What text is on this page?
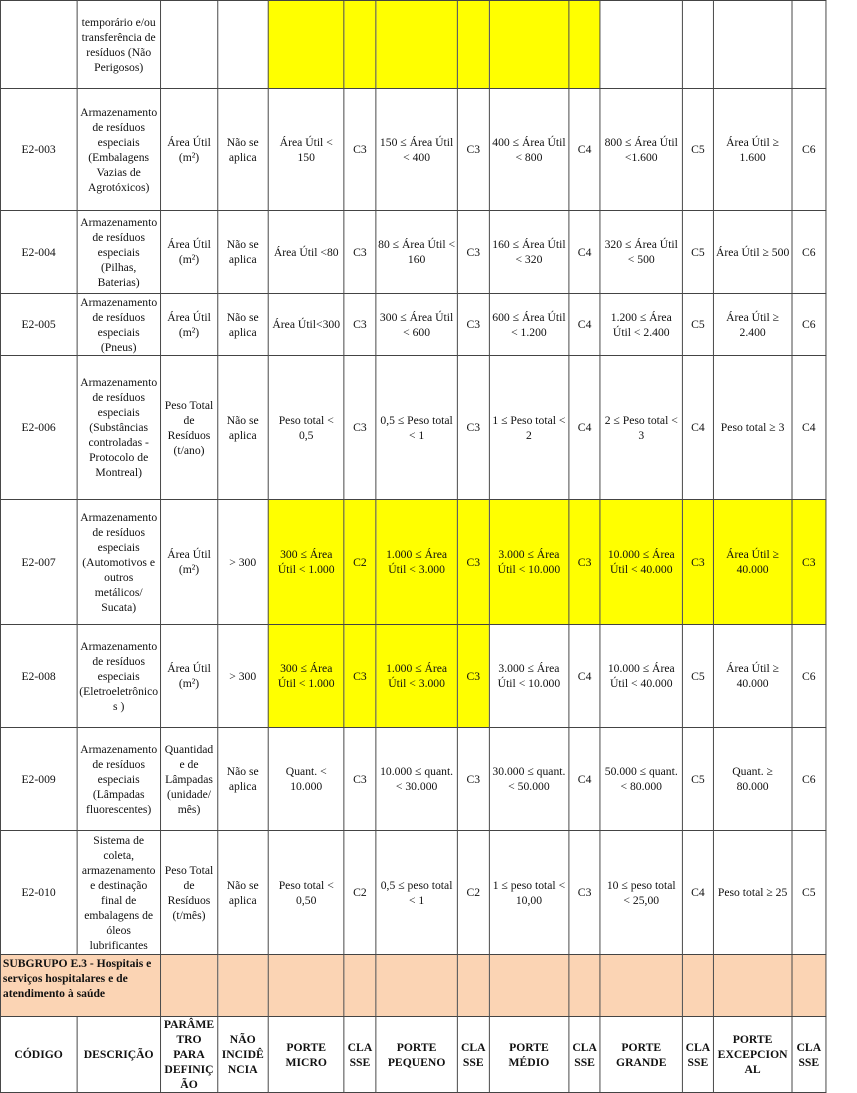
	temporário e/ou transferência de resíduos (Não Perigosos)												
E2-003	Armazenamento de resíduos especiais (Embalagens Vazias de Agrotóxicos)	Área Útil (m²)	Não se aplica	Área Útil < 150	C3	150 ≤ Área Útil < 400	C3	400 ≤ Área Útil < 800	C4	800 ≤ Área Útil <1.600	C5	Área Útil ≥ 1.600	C6
E2-004	Armazenamento de resíduos especiais (Pilhas, Baterias)	Área Útil (m²)	Não se aplica	Área Útil <80	C3	80 ≤ Área Útil < 160	C3	160 ≤ Área Útil < 320	C4	320 ≤ Área Útil < 500	C5	Área Útil ≥ 500	C6
E2-005	Armazenamento de resíduos especiais (Pneus)	Área Útil (m²)	Não se aplica	Área Útil<300	C3	300 ≤ Área Útil < 600	C3	600 ≤ Área Útil < 1.200	C4	1.200 ≤ Área Útil < 2.400	C5	Área Útil ≥ 2.400	C6
E2-006	Armazenamento de resíduos especiais (Substâncias controladas - Protocolo de Montreal)	Peso Total de Resíduos (t/ano)	Não se aplica	Peso total < 0,5	C3	0,5 ≤ Peso total < 1	C3	1 ≤ Peso total < 2	C4	2 ≤ Peso total < 3	C4	Peso total ≥ 3	C4
E2-007	Armazenamento de resíduos especiais (Automotivos e outros metálicos/ Sucata)	Área Útil (m²)	> 300	300 ≤ Área Útil < 1.000	C2	1.000 ≤ Área Útil < 3.000	C3	3.000 ≤ Área Útil < 10.000	C3	10.000 ≤ Área Útil < 40.000	C3	Área Útil ≥ 40.000	C3
E2-008	Armazenamento de resíduos especiais (Eletroeletrônicos )	Área Útil (m²)	> 300	300 ≤ Área Útil < 1.000	C3	1.000 ≤ Área Útil < 3.000	C3	3.000 ≤ Área Útil < 10.000	C4	10.000 ≤ Área Útil < 40.000	C5	Área Útil ≥ 40.000	C6
E2-009	Armazenamento de resíduos especiais (Lâmpadas fluorescentes)	Quantidade de Lâmpadas (unidade/ mês)	Não se aplica	Quant. < 10.000	C3	10.000 ≤ quant. < 30.000	C3	30.000 ≤ quant. < 50.000	C4	50.000 ≤ quant.< 80.000	C5	Quant. ≥ 80.000	C6
E2-010	Sistema de coleta, armazenamento e destinação final de embalagens de óleos lubrificantes	Peso Total de Resíduos (t/mês)	Não se aplica	Peso total < 0,50	C2	0,5 ≤ peso total < 1	C2	1 ≤ peso total < 10,00	C3	10 ≤ peso total < 25,00	C4	Peso total ≥ 25	C5
SUBGRUPO E.3 - Hospitais e serviços hospitalares e de atendimento à saúde													
CÓDIGO	DESCRIÇÃO	PARÂMETRO PARA DEFINIÇÃO	NÃO INCIDÊNCIA	PORTE MICRO	CLASSE	PORTE PEQUENO	CLASSE	PORTE MÉDIO	CLASSE	PORTE GRANDE	CLASSE	PORTE EXCEPCIONAL	CLASSE
